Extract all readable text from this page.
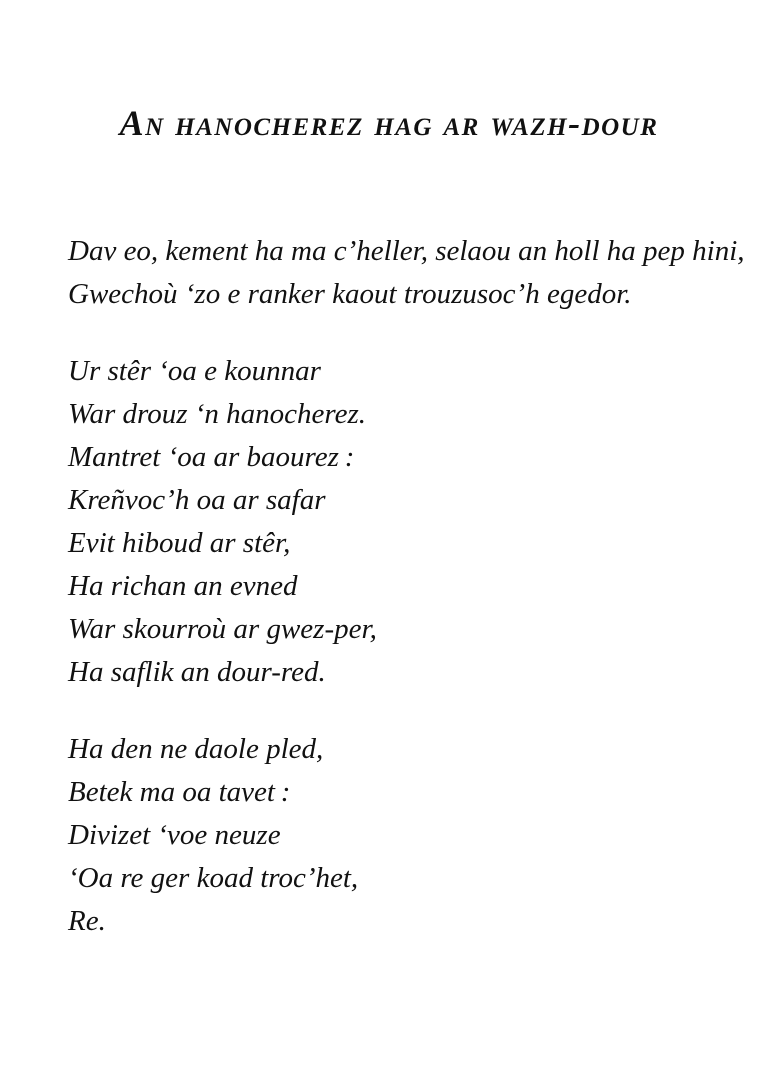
An hanocherez hag ar wazh-dour
Dav eo, kement ha ma c’heller, selaou an holl ha pep hini,
Gwechoù ‘zo e ranker kaout trouzusoc’h egedor.
Ur stêr ‘oa e kounnar
War drouz ‘n hanocherez.
Mantret ‘oa ar baourez :
Kreñvoc’h oa ar safar
Evit hiboud ar stêr,
Ha richan an evned
War skourroù ar gwez-per,
Ha saflik an dour-red.
Ha den ne daole pled,
Betek ma oa tavet :
Divizet ‘voe neuze
‘Oa re ger koad troc’het,
Re.
